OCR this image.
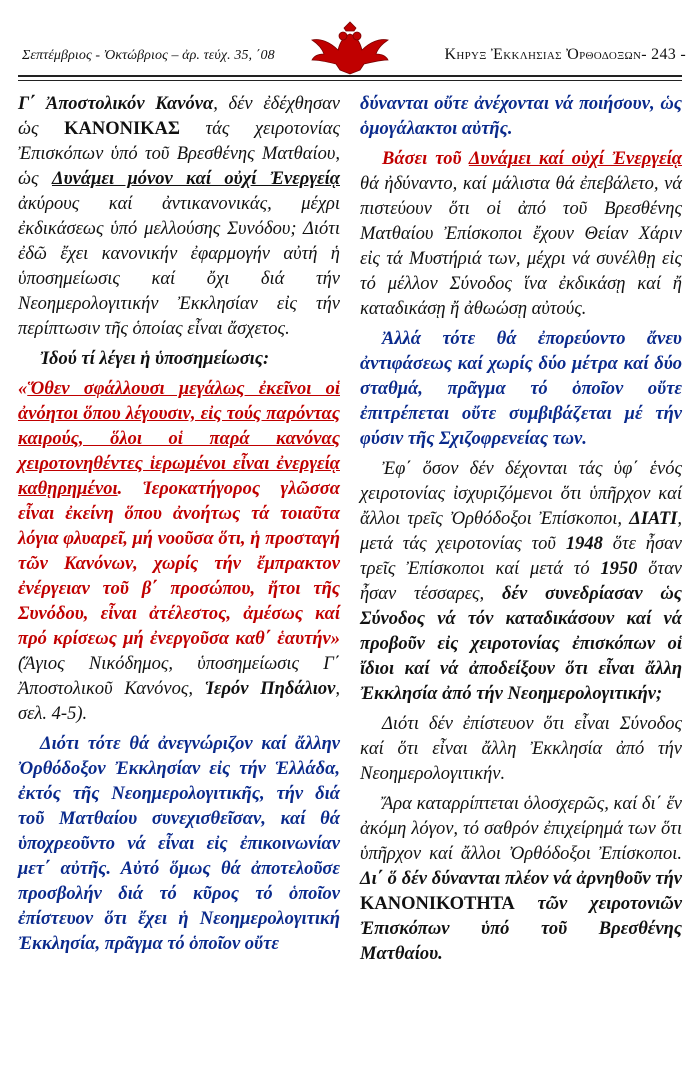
Σεπτέμβριος - Ὀκτώβριος – ἀρ. τεύχ. 35, ΄08	Κηρυξ Ἐκκλησιας Ὀρθοδοξων- 243 -

Γ΄ Ἀποστολικόν Κανόνα, δέν ἐδέχθησαν ὡς ΚΑΝΟΝΙΚΑΣ τάς χειροτονίας Ἐπισκόπων ὑπό τοῦ Βρεσθένης Ματθαίου, ὡς Δυνάμει μόνον καί οὐχί Ἐνεργείᾳ ἀκύρους καί ἀντικανονικάς, μέχρι ἐκδικάσεως ὑπό μελλούσης Συνόδου; Διότι ἐδῶ ἔχει κανονικήν ἐφαρμογήν αὐτή ἡ ὑποσημείωσις καί ὄχι διά τήν Νεοημερολογιτικήν Ἐκκλησίαν εἰς τήν περίπτωσιν τῆς ὁποίας εἶναι ἄσχετος.

Ἰδού τί λέγει ἡ ὑποσημείωσις:

«Ὅθεν σφάλλουσι μεγάλως ἐκεῖνοι οἱ ἀνόητοι ὅπου λέγουσιν, εἰς τούς παρόντας καιρούς, ὅλοι οἱ παρά κανόνας χειροτονηθέντες ἱερωμένοι εἶναι ἐνεργείᾳ καθῃρημένοι. Ἱεροκατήγορος γλῶσσα εἶναι ἐκείνη ὅπου ἀνοήτως τά τοιαῦτα λόγια φλυαρεῖ, μή νοοῦσα ὅτι, ἡ προσταγή τῶν Κανόνων, χωρίς τήν ἔμπρακτον ἐνέργειαν τοῦ β΄ προσώπου, ἤτοι τῆς Συνόδου, εἶναι ἀτέλεστος, ἀμέσως καί πρό κρίσεως μή ἐνεργοῦσα καθ΄ ἑαυτήν» (Ἅγιος Νικόδημος, ὑποσημείωσις Γ΄ Ἀποστολικοῦ Κανόνος, Ἱερόν Πηδάλιον, σελ. 4-5).

Διότι τότε θά ἀνεγνώριζον καί ἄλλην Ὀρθόδοξον Ἐκκλησίαν εἰς τήν Ἑλλάδα, ἐκτός τῆς Νεοημερολογιτικῆς, τήν διά τοῦ Ματθαίου συνεχισθεῖσαν, καί θά ὑποχρεοῦντο νά εἶναι εἰς ἐπικοινωνίαν μετ΄ αὐτῆς. Αὐτό ὅμως θά ἀποτελοῦσε προσβολήν διά τό κῦρος τό ὁποῖον ἐπίστευον ὅτι ἔχει ἡ Νεοημερολογιτική Ἐκκλησία, πρᾶγμα τό ὁποῖον οὔτε

δύνανται οὔτε ἀνέχονται νά ποιήσουν, ὡς ὁμογάλακτοι αὐτῆς.

Βάσει τοῦ Δυνάμει καί οὐχί Ἐνεργείᾳ θά ἠδύναντο, καί μάλιστα θά ἐπεβάλετο, νά πιστεύουν ὅτι οἱ ἀπό τοῦ Βρεσθένης Ματθαίου Ἐπίσκοποι ἔχουν Θείαν Χάριν εἰς τά Μυστήριά των, μέχρι νά συνέλθῃ εἰς τό μέλλον Σύνοδος ἵνα ἐκδικάσῃ καί ἤ καταδικάσῃ ἤ ἀθωώσῃ αὐτούς.

Ἀλλά τότε θά ἐπορεύοντο ἄνευ ἀντιφάσεως καί χωρίς δύο μέτρα καί δύο σταθμά, πρᾶγμα τό ὁποῖον οὔτε ἐπιτρέπεται οὔτε συμβιβάζεται μέ τήν φύσιν τῆς Σχιζοφρενείας των.

Ἐφ΄ ὅσον δέν δέχονται τάς ὑφ΄ ἑνός χειροτονίας ἰσχυριζόμενοι ὅτι ὑπῆρχον καί ἄλλοι τρεῖς Ὀρθόδοξοι Ἐπίσκοποι, ΔΙΑΤΙ, μετά τάς χειροτονίας τοῦ 1948 ὅτε ἦσαν τρεῖς Ἐπίσκοποι καί μετά τό 1950 ὅταν ἦσαν τέσσαρες, δέν συνεδρίασαν ὡς Σύνοδος νά τόν καταδικάσουν καί νά προβοῦν εἰς χειροτονίας ἐπισκόπων οἱ ἴδιοι καί νά ἀποδείξουν ὅτι εἶναι ἄλλη Ἐκκλησία ἀπό τήν Νεοημερολογιτικήν;

Διότι δέν ἐπίστευον ὅτι εἶναι Σύνοδος καί ὅτι εἶναι ἄλλη Ἐκκλησία ἀπό τήν Νεοημερολογιτικήν.

Ἄρα καταρρίπτεται ὁλοσχερῶς, καί δι΄ ἕν ἀκόμη λόγον, τό σαθρόν ἐπιχείρημά των ὅτι ὑπῆρχον καί ἄλλοι Ὀρθόδοξοι Ἐπίσκοποι. Δι΄ ὅ δέν δύνανται πλέον νά ἀρνηθοῦν τήν ΚΑΝΟΝΙΚΟΤΗΤΑ τῶν χειροτονιῶν Ἐπισκόπων ὑπό τοῦ Βρεσθένης Ματθαίου.
